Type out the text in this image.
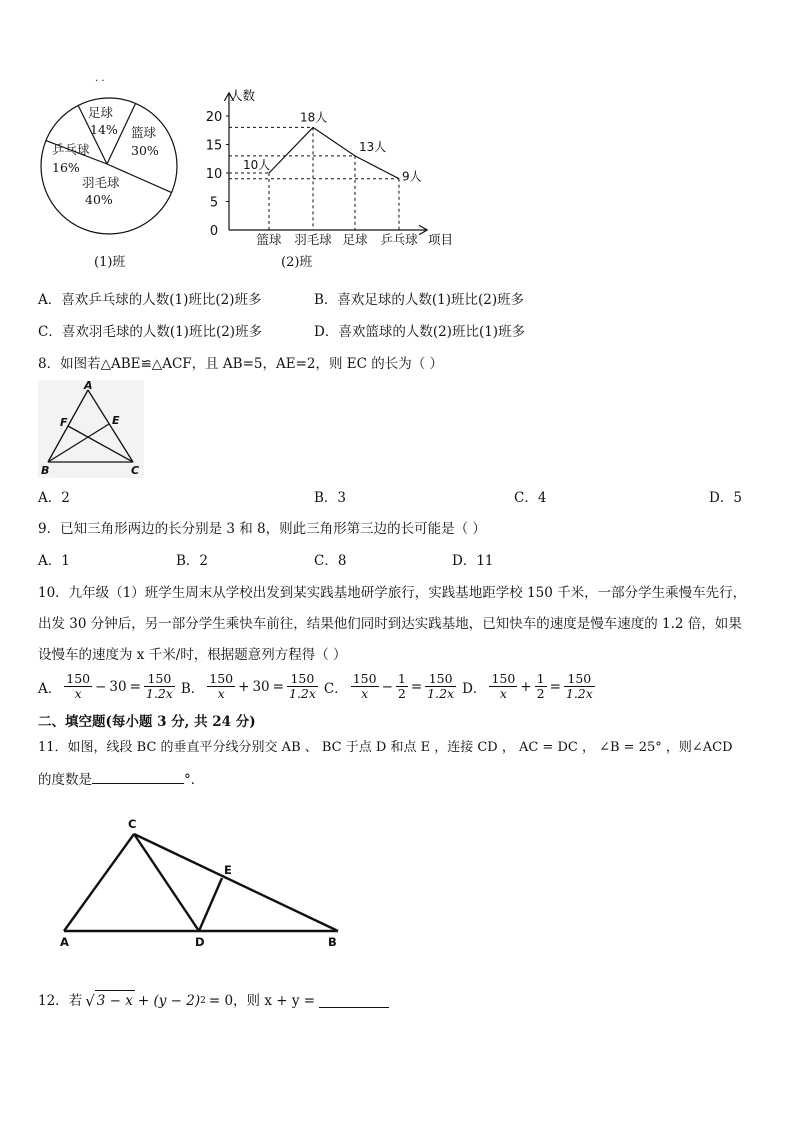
· ·
足球
14% 篮球
30%
羽毛球
40%
乒乓球
16%
(1)班
0
5
10
15
20
10人
18人
13人
9人
篮球 羽毛球 足球 乒乓球
人数
项目
(2)班
A．喜欢乒乓球的人数(1)班比(2)班多	B．喜欢足球的人数(1)班比(2)班多
C．喜欢羽毛球的人数(1)班比(2)班多	D．喜欢篮球的人数(2)班比(1)班多
8．如图若△ABE≌△ACF，且 AB=5，AE=2，则 EC 的长为（ ）
A
B	C
E
F
A．2	B．3	C．4	D．5
9．已知三角形两边的长分别是 3 和 8，则此三角形第三边的长可能是（ ）
A．1	B．2	C．8	D．11
10．九年级（1）班学生周末从学校出发到某实践基地研学旅行，实践基地距学校 150 千米，一部分学生乘慢车先行，
出发 30 分钟后，另一部分学生乘快车前往，结果他们同时到达实践基地，已知快车的速度是慢车速度的 1.2 倍，如果
设慢车的速度为 x 千米/时，根据题意列方程得（ ）
A． $\frac{150}{x} - 30 = \frac{150}{1.2x}$ B． $\frac{150}{x} + 30 = \frac{150}{1.2x}$ C． $\frac{150}{x} - \frac{1}{2} = \frac{150}{1.2x}$ D． $\frac{150}{x} + \frac{1}{2} = \frac{150}{1.2x}$
二、填空题(每小题 3 分, 共 24 分)
11．如图，线段 BC 的垂直平分线分别交 AB 、 BC 于点 D 和点 E ，连接 CD ， AC = DC ， ∠B = 25° ，则∠ACD
的度数是	°．
C
E
A	D	B
12．若 √ 3 − x + (y − 2) 2 = 0，则 x + y =
